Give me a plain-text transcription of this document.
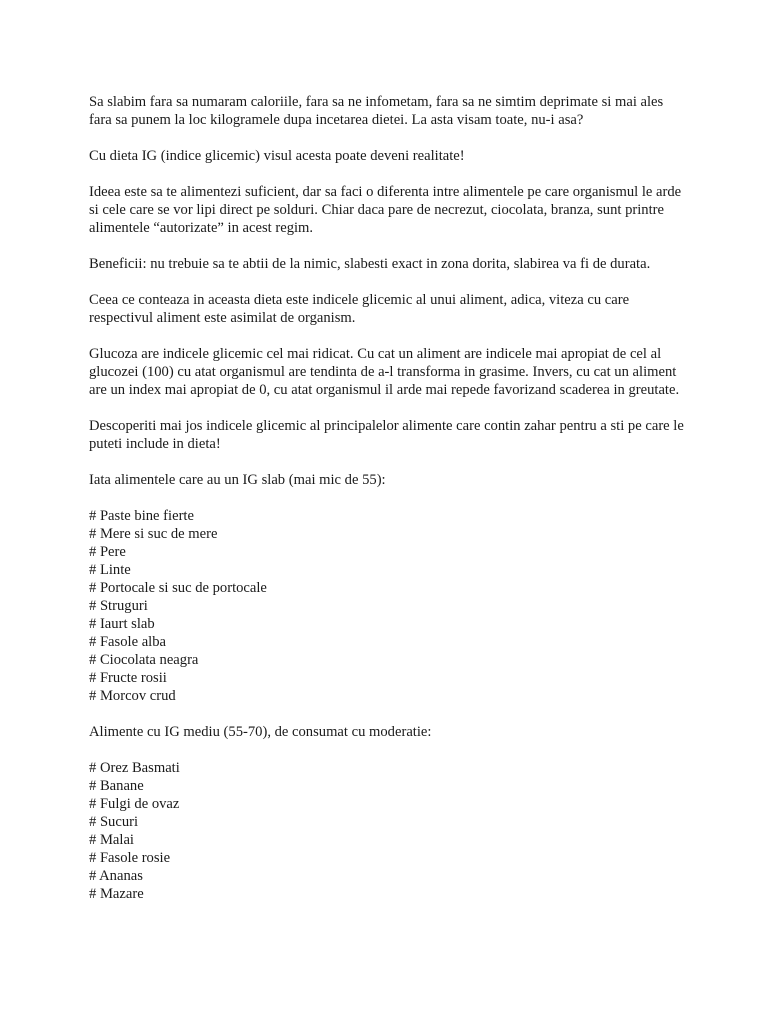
Sa slabim fara sa numaram caloriile, fara sa ne infometam, fara sa ne simtim deprimate si mai ales fara sa punem la loc kilogramele dupa incetarea dietei. La asta visam toate, nu-i asa?

Cu dieta IG (indice glicemic) visul acesta poate deveni realitate!

Ideea este sa te alimentezi suficient, dar sa faci o diferenta intre alimentele pe care organismul le arde si cele care se vor lipi direct pe solduri. Chiar daca pare de necrezut, ciocolata, branza, sunt printre alimentele “autorizate” in acest regim.

Beneficii: nu trebuie sa te abtii de la nimic, slabesti exact in zona dorita, slabirea va fi de durata.

Ceea ce conteaza in aceasta dieta este indicele glicemic al unui aliment, adica, viteza cu care respectivul aliment este asimilat de organism.

Glucoza are indicele glicemic cel mai ridicat. Cu cat un aliment are indicele mai apropiat de cel al glucozei (100) cu atat organismul are tendinta de a-l transforma in grasime. Invers, cu cat un aliment are un index mai apropiat de 0, cu atat organismul il arde mai repede favorizand scaderea in greutate.

Descoperiti mai jos indicele glicemic al principalelor alimente care contin zahar pentru a sti pe care le puteti include in dieta!

Iata alimentele care au un IG slab (mai mic de 55):

# Paste bine fierte
# Mere si suc de mere
# Pere
# Linte
# Portocale si suc de portocale
# Struguri
# Iaurt slab
# Fasole alba
# Ciocolata neagra
# Fructe rosii
# Morcov crud

Alimente cu IG mediu (55-70), de consumat cu moderatie:

# Orez Basmati
# Banane
# Fulgi de ovaz
# Sucuri
# Malai
# Fasole rosie
# Ananas
# Mazare
